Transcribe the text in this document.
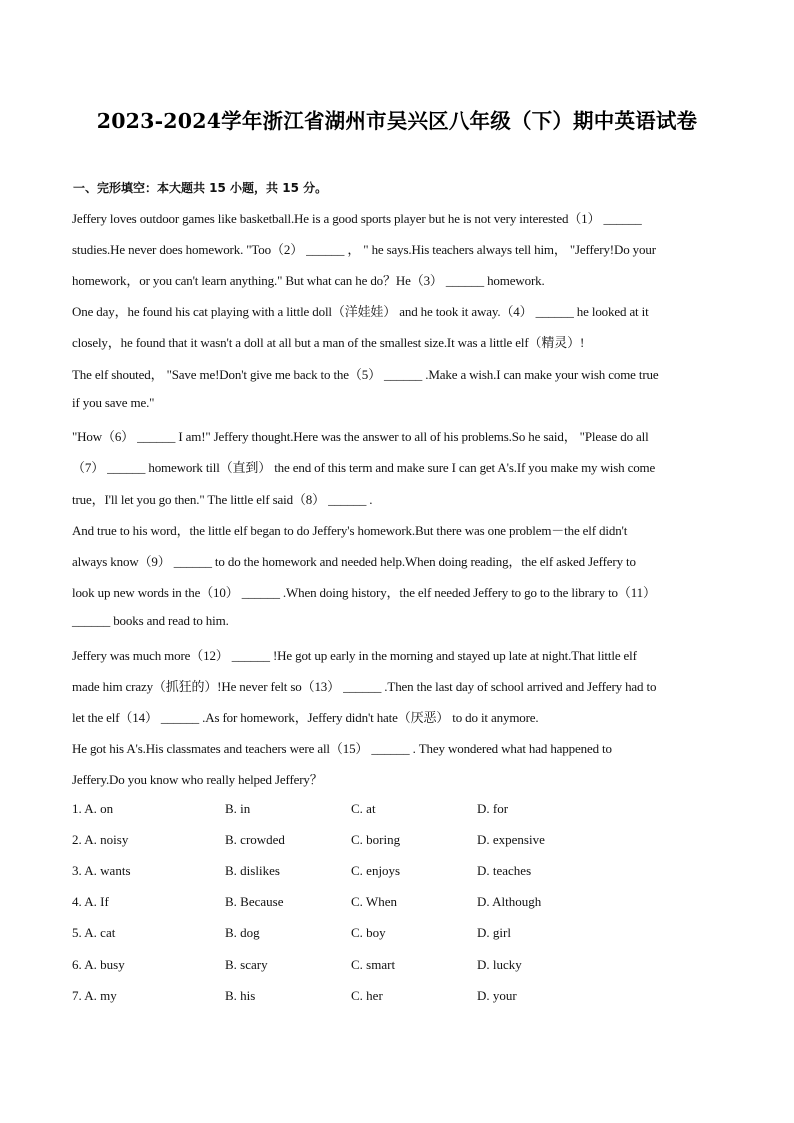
2023-2024学年浙江省湖州市吴兴区八年级（下）期中英语试卷
一、完形填空：本大题共 15 小题，共 15 分。
Jeffery loves outdoor games like basketball.He is a good sports player but he is not very interested（1） ______
studies.He never does homework. "Too（2） ______ ， " he says.His teachers always tell him， "Jeffery!Do your
homework，or you can't learn anything." But what can he do？He（3） ______ homework.
One day，he found his cat playing with a little doll（洋娃娃） and he took it away.（4） ______ he looked at it
closely，he found that it wasn't a doll at all but a man of the smallest size.It was a little elf（精灵）!
The elf shouted， "Save me!Don't give me back to the（5） ______ .Make a wish.I can make your wish come true
if you save me."
"How（6） ______ I am!" Jeffery thought.Here was the answer to all of his problems.So he said， "Please do all
（7） ______ homework till（直到） the end of this term and make sure I can get A's.If you make my wish come
true，I'll let you go then." The little elf said（8） ______ .
And true to his word，the little elf began to do Jeffery's homework.But there was one problem－the elf didn't
always know（9） ______ to do the homework and needed help.When doing reading，the elf asked Jeffery to
look up new words in the（10） ______ .When doing history，the elf needed Jeffery to go to the library to（11）
______ books and read to him.
Jeffery was much more（12） ______ !He got up early in the morning and stayed up late at night.That little elf
made him crazy（抓狂的）!He never felt so（13） ______ .Then the last day of school arrived and Jeffery had to
let the elf（14） ______ .As for homework，Jeffery didn't hate（厌恶） to do it anymore.
He got his A's.His classmates and teachers were all（15） ______ . They wondered what had happened to
Jeffery.Do you know who really helped Jeffery？
1. A. on	B. in	C. at	D. for
2. A. noisy	B. crowded	C. boring	D. expensive
3. A. wants	B. dislikes	C. enjoys	D. teaches
4. A. If	B. Because	C. When	D. Although
5. A. cat	B. dog	C. boy	D. girl
6. A. busy	B. scary	C. smart	D. lucky
7. A. my	B. his	C. her	D. your
